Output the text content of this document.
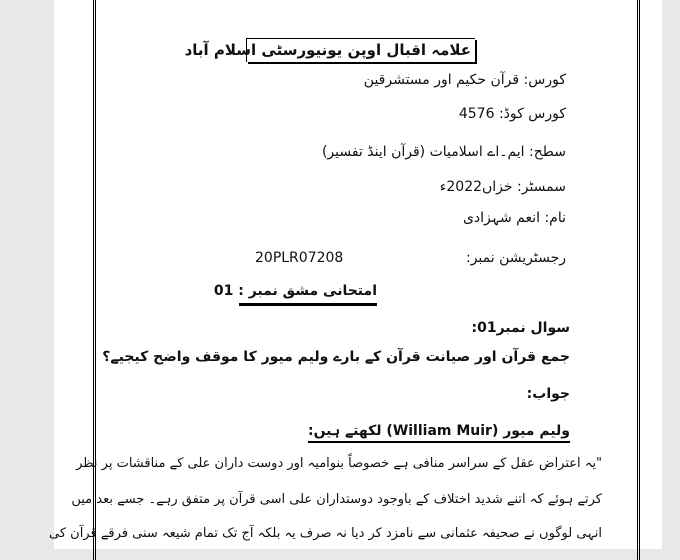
علامہ اقبال اوپن یونیورسٹی اسلام آباد
کورس: قرآن حکیم اور مستشرقین
کورس کوڈ: 4576
سطح: ایم۔اے اسلامیات (قرآن اینڈ تفسیر)
سمسٹر: خزاں2022ء
نام: انعم شہزادی
رجسٹریشن نمبر:
20PLR07208
امتحانی مشق نمبر : 01
سوال نمبر01:
جمع قرآن اور صیانت قرآن کے بارے ولیم میور کا موقف واضح کیجیے؟
جواب:
ولیم میور (William Muir) لکھتے ہیں:
"یہ اعتراض عقل کے سراسر منافی ہے خصوصاً بنوامیہ اور دوست داران علی کے مناقشات پر نظر
کرتے ہوئے کہ اتنے شدید اختلاف کے باوجود دوستداران علی اسی قرآن پر متفق رہے۔ جسے بعد میں
انہی لوگوں نے صحیفہ عثمانی سے نامزد کر دیا نہ صرف یہ بلکہ آج تک تمام شیعہ سنی فرقے قرآن کی
